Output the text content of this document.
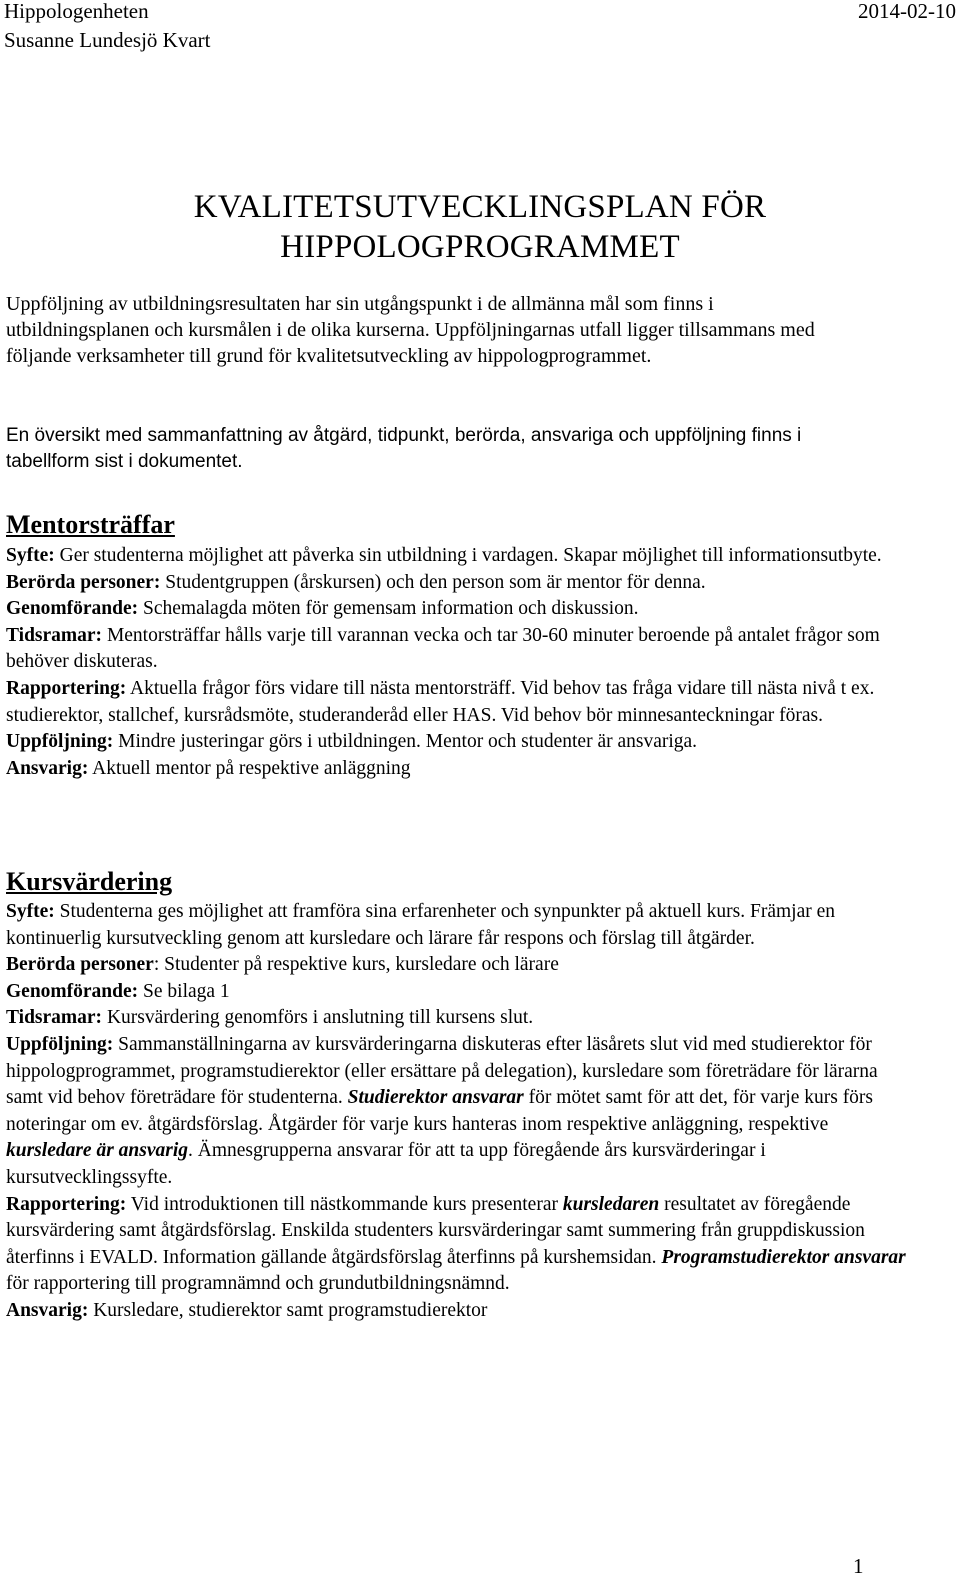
Hippologenheten
Susanne Lundesjö Kvart
2014-02-10
KVALITETSUTVECKLINGSPLAN FÖR
HIPPOLOGPROGRAMMET
Uppföljning av utbildningsresultaten har sin utgångspunkt i de allmänna mål som finns i utbildningsplanen och kursmålen i de olika kurserna. Uppföljningarnas utfall ligger tillsammans med följande verksamheter till grund för kvalitetsutveckling av hippologprogrammet.
En översikt med sammanfattning av åtgärd, tidpunkt, berörda, ansvariga och uppföljning finns i tabellform sist i dokumentet.
Mentorsträffar
Syfte: Ger studenterna möjlighet att påverka sin utbildning i vardagen. Skapar möjlighet till informationsutbyte.
Berörda personer: Studentgruppen (årskursen) och den person som är mentor för denna.
Genomförande: Schemalagda möten för gemensam information och diskussion.
Tidsramar: Mentorsträffar hålls varje till varannan vecka och tar 30-60 minuter beroende på antalet frågor som behöver diskuteras.
Rapportering: Aktuella frågor förs vidare till nästa mentorsträff. Vid behov tas fråga vidare till nästa nivå t ex. studierektor, stallchef, kursrådsmöte, studeranderåd eller HAS. Vid behov bör minnesanteckningar föras.
Uppföljning: Mindre justeringar görs i utbildningen. Mentor och studenter är ansvariga.
Ansvarig: Aktuell mentor på respektive anläggning
Kursvärdering
Syfte: Studenterna ges möjlighet att framföra sina erfarenheter och synpunkter på aktuell kurs. Främjar en kontinuerlig kursutveckling genom att kursledare och lärare får respons och förslag till åtgärder.
Berörda personer: Studenter på respektive kurs, kursledare och lärare
Genomförande: Se bilaga 1
Tidsramar: Kursvärdering genomförs i anslutning till kursens slut.
Uppföljning: Sammanställningarna av kursvärderingarna diskuteras efter läsårets slut vid med studierektor för hippologprogrammet, programstudierektor (eller ersättare på delegation), kursledare som företrädare för lärarna samt vid behov företrädare för studenterna. Studierektor ansvarar för mötet samt för att det, för varje kurs förs noteringar om ev. åtgärdsförslag. Åtgärder för varje kurs hanteras inom respektive anläggning, respektive kursledare är ansvarig. Ämnesgrupperna ansvarar för att ta upp föregående års kursvärderingar i kursutvecklingssyfte.
Rapportering: Vid introduktionen till nästkommande kurs presenterar kursledaren resultatet av föregående kursvärdering samt åtgärdsförslag. Enskilda studenters kursvärderingar samt summering från gruppdiskussion återfinns i EVALD. Information gällande åtgärdsförslag återfinns på kurshemsidan. Programstudierektor ansvarar för rapportering till programnämnd och grundutbildningsnämnd.
Ansvarig: Kursledare, studierektor samt programstudierektor
1
